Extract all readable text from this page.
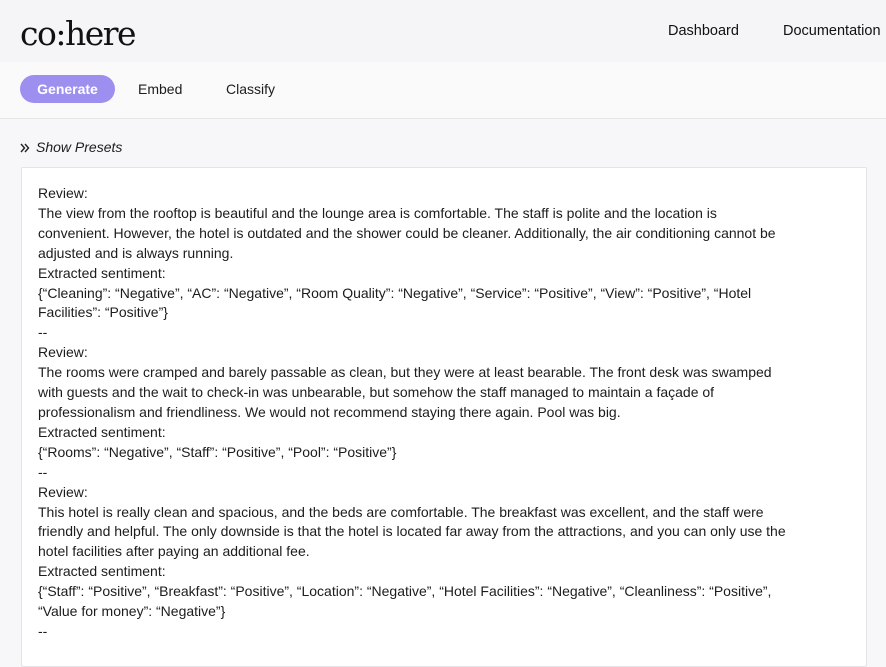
co:here	Dashboard	Documentation
Generate	Embed	Classify
Show Presets
Review:
The view from the rooftop is beautiful and the lounge area is comfortable. The staff is polite and the location is
convenient. However, the hotel is outdated and the shower could be cleaner. Additionally, the air conditioning cannot be
adjusted and is always running.
Extracted sentiment:
{“Cleaning”: “Negative”, “AC”: “Negative”, “Room Quality”: “Negative”, “Service”: “Positive”, “View”: “Positive”, “Hotel
Facilities”: “Positive”}
--
Review:
The rooms were cramped and barely passable as clean, but they were at least bearable. The front desk was swamped
with guests and the wait to check-in was unbearable, but somehow the staff managed to maintain a façade of
professionalism and friendliness. We would not recommend staying there again. Pool was big.
Extracted sentiment:
{“Rooms”: “Negative”, “Staff”: “Positive”, “Pool”: “Positive”}
--
Review:
This hotel is really clean and spacious, and the beds are comfortable. The breakfast was excellent, and the staff were
friendly and helpful. The only downside is that the hotel is located far away from the attractions, and you can only use the
hotel facilities after paying an additional fee.
Extracted sentiment:
{“Staff”: “Positive”, “Breakfast”: “Positive”, “Location”: “Negative”, “Hotel Facilities”: “Negative”, “Cleanliness”: “Positive”,
“Value for money”: “Negative”}
--
